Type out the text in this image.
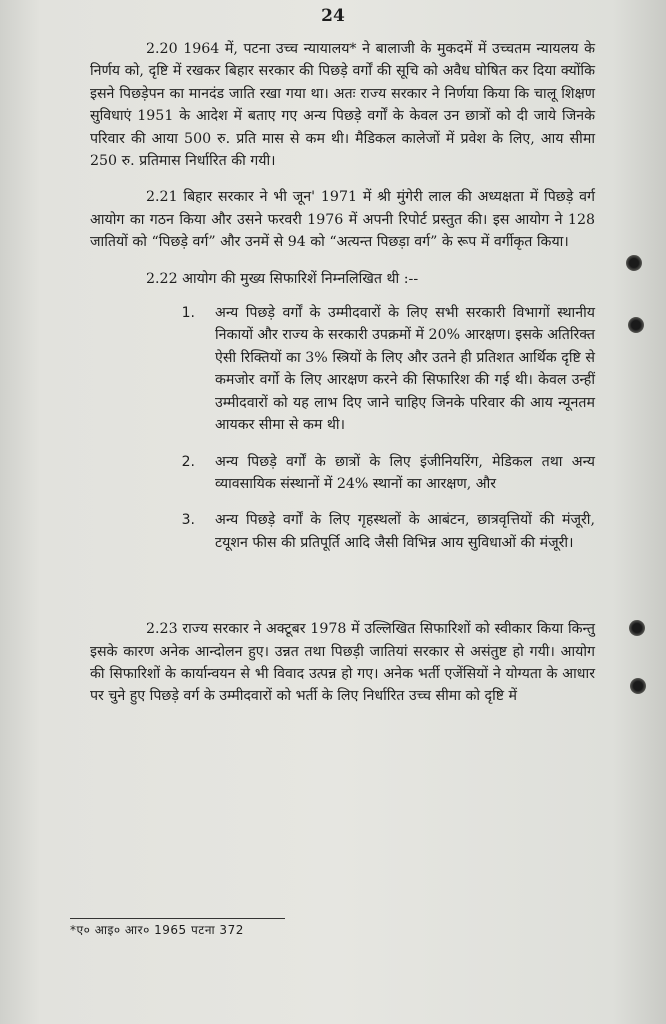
24

2.20 1964 में, पटना उच्च न्यायालय* ने बालाजी के मुकदमें में उच्चतम न्यायलय के निर्णय को, दृष्टि में रखकर बिहार सरकार की पिछड़े वर्गों की सूचि को अवैध घोषित कर दिया क्योंकि इसने पिछड़ेपन का मानदंड जाति रखा गया था। अतः राज्य सरकार ने निर्णया किया कि चालू शिक्षण सुविधाएं 1951 के आदेश में बताए गए अन्य पिछड़े वर्गों के केवल उन छात्रों को दी जाये जिनके परिवार की आया 500 रु. प्रति मास से कम थी। मैडिकल कालेजों में प्रवेश के लिए, आय सीमा 250 रु. प्रतिमास निर्धारित की गयी।

2.21 बिहार सरकार ने भी जून' 1971 में श्री मुंगेरी लाल की अध्यक्षता में पिछड़े वर्ग आयोग का गठन किया और उसने फरवरी 1976 में अपनी रिपोर्ट प्रस्तुत की। इस आयोग ने 128 जातियों को “पिछड़े वर्ग” और उनमें से 94 को “अत्यन्त पिछड़ा वर्ग” के रूप में वर्गीकृत किया।

2.22 आयोग की मुख्य सिफारिशें निम्नलिखित थी :--

1.	अन्य पिछड़े वर्गों के उम्मीदवारों के लिए सभी सरकारी विभागों स्थानीय निकायों और राज्य के सरकारी उपक्रमों में 20% आरक्षण। इसके अतिरिक्त ऐसी रिक्तियों का 3% स्त्रियों के लिए और उतने ही प्रतिशत आर्थिक दृष्टि से कमजोर वर्गो के लिए आरक्षण करने की सिफारिश की गई थी। केवल उन्हीं उम्मीदवारों को यह लाभ दिए जाने चाहिए जिनके परिवार की आय न्यूनतम आयकर सीमा से कम थी।
2.	अन्य पिछड़े वर्गों के छात्रों के लिए इंजीनियरिंग, मेडिकल तथा अन्य व्यावसायिक संस्थानों में 24% स्थानों का आरक्षण, और
3.	अन्य पिछड़े वर्गों के लिए गृहस्थलों के आबंटन, छात्रवृत्तियों की मंजूरी, टयूशन फीस की प्रतिपूर्ति आदि जैसी विभिन्न आय सुविधाओं की मंजूरी।

2.23 राज्य सरकार ने अक्टूबर 1978 में उल्लिखित सिफारिशों को स्वीकार किया किन्तु इसके कारण अनेक आन्दोलन हुए। उन्नत तथा पिछड़ी जातियां सरकार से असंतुष्ट हो गयी। आयोग की सिफारिशों के कार्यान्वयन से भी विवाद उत्पन्न हो गए। अनेक भर्ती एजेंसियों ने योग्यता के आधार पर चुने हुए पिछड़े वर्ग के उम्मीदवारों को भर्ती के लिए निर्धारित उच्च सीमा को दृष्टि में

*ए० आइ० आर० 1965 पटना 372
